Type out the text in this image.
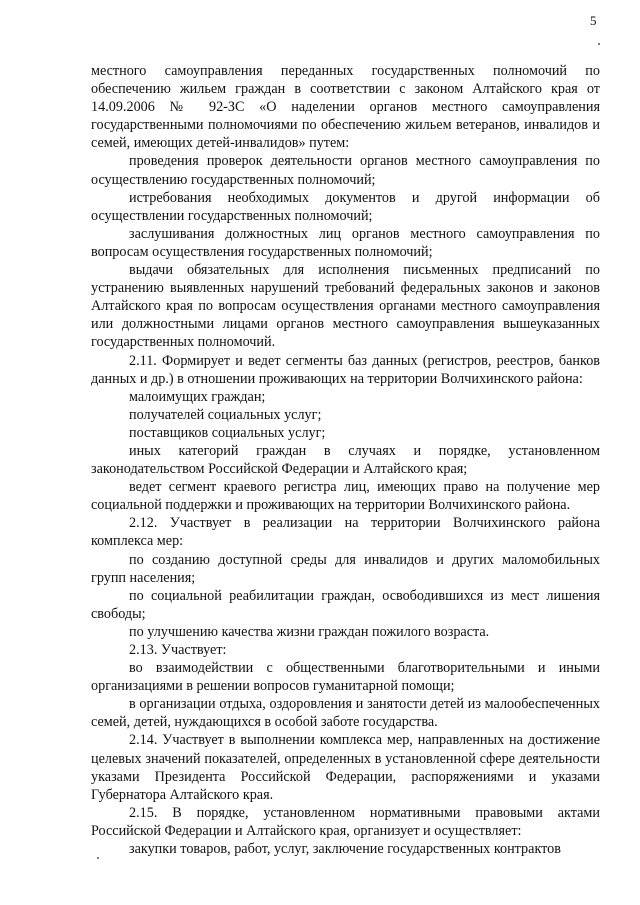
5

местного самоуправления переданных государственных полномочий по обеспечению жильем граждан в соответствии с законом Алтайского края от 14.09.2006 № 92-ЗС «О наделении органов местного самоуправления государственными полномочиями по обеспечению жильем ветеранов, инвалидов и семей, имеющих детей-инвалидов» путем:

проведения проверок деятельности органов местного самоуправления по осуществлению государственных полномочий;

истребования необходимых документов и другой информации об осуществлении государственных полномочий;

заслушивания должностных лиц органов местного самоуправления по вопросам осуществления государственных полномочий;

выдачи обязательных для исполнения письменных предписаний по устранению выявленных нарушений требований федеральных законов и законов Алтайского края по вопросам осуществления органами местного самоуправления или должностными лицами органов местного самоуправления вышеуказанных государственных полномочий.

2.11. Формирует и ведет сегменты баз данных (регистров, реестров, банков данных и др.) в отношении проживающих на территории Волчихинского района:

малоимущих граждан;

получателей социальных услуг;

поставщиков социальных услуг;

иных категорий граждан в случаях и порядке, установленном законодательством Российской Федерации и Алтайского края;

ведет сегмент краевого регистра лиц, имеющих право на получение мер социальной поддержки и проживающих на территории Волчихинского района.

2.12. Участвует в реализации на территории Волчихинского района комплекса мер:

по созданию доступной среды для инвалидов и других маломобильных групп населения;

по социальной реабилитации граждан, освободившихся из мест лишения свободы;

по улучшению качества жизни граждан пожилого возраста.

2.13. Участвует:

во взаимодействии с общественными благотворительными и иными организациями в решении вопросов гуманитарной помощи;

в организации отдыха, оздоровления и занятости детей из малообеспеченных семей, детей, нуждающихся в особой заботе государства.

2.14. Участвует в выполнении комплекса мер, направленных на достижение целевых значений показателей, определенных в установленной сфере деятельности указами Президента Российской Федерации, распоряжениями и указами Губернатора Алтайского края.

2.15. В порядке, установленном нормативными правовыми актами Российской Федерации и Алтайского края, организует и осуществляет:

закупки товаров, работ, услуг, заключение государственных контрактов
